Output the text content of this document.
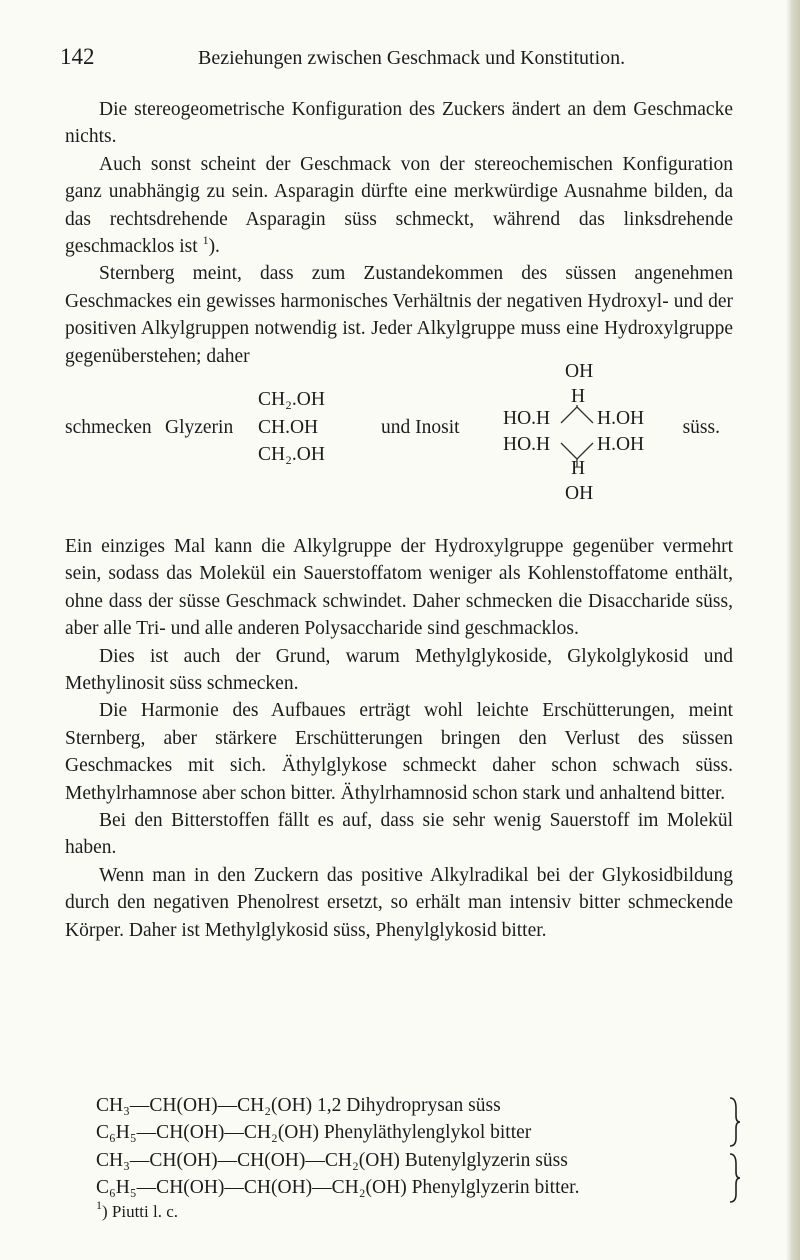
142	Beziehungen zwischen Geschmack und Konstitution.

Die stereogeometrische Konfiguration des Zuckers ändert an dem Geschmacke nichts.

Auch sonst scheint der Geschmack von der stereochemischen Konfiguration ganz unabhängig zu sein. Asparagin dürfte eine merkwürdige Ausnahme bilden, da das rechtsdrehende Asparagin süss schmeckt, während das linksdrehende geschmacklos ist $^1$).

Sternberg meint, dass zum Zustandekommen des süssen angenehmen Geschmackes ein gewisses harmonisches Verhältnis der negativen Hydroxyl- und der positiven Alkylgruppen notwendig ist. Jeder Alkylgruppe muss eine Hydroxylgruppe gegenüberstehen; daher

schmecken Glyzerin
CH₂.OH
CH.OH
CH₂.OH
und Inosit
OH
H
HO.H H.OH
HO.H H.OH
H
OH
süss.

Ein einziges Mal kann die Alkylgruppe der Hydroxylgruppe gegenüber vermehrt sein, sodass das Molekül ein Sauerstoffatom weniger als Kohlenstoffatome enthält, ohne dass der süsse Geschmack schwindet. Daher schmecken die Disaccharide süss, aber alle Tri- und alle anderen Polysaccharide sind geschmacklos.

Dies ist auch der Grund, warum Methylglykoside, Glykolglykosid und Methylinosit süss schmecken.

Die Harmonie des Aufbaues erträgt wohl leichte Erschütterungen, meint Sternberg, aber stärkere Erschütterungen bringen den Verlust des süssen Geschmackes mit sich. Äthylglykose schmeckt daher schon schwach süss. Methylrhamnose aber schon bitter. Äthylrhamnosid schon stark und anhaltend bitter.

Bei den Bitterstoffen fällt es auf, dass sie sehr wenig Sauerstoff im Molekül haben.

Wenn man in den Zuckern das positive Alkylradikal bei der Glykosidbildung durch den negativen Phenolrest ersetzt, so erhält man intensiv bitter schmeckende Körper. Daher ist Methylglykosid süss, Phenylglykosid bitter.

CH₃—CH(OH)—CH₂(OH) 1,2 Dihydroprysan süss
C₆H₅—CH(OH)—CH₂(OH) Phenyläthylenglykol bitter
CH₃—CH(OH)—CH(OH)—CH₂(OH) Butenylglyzerin süss
C₆H₅—CH(OH)—CH(OH)—CH₂(OH) Phenylglyzerin bitter.
$^1$) Piutti l. c.
